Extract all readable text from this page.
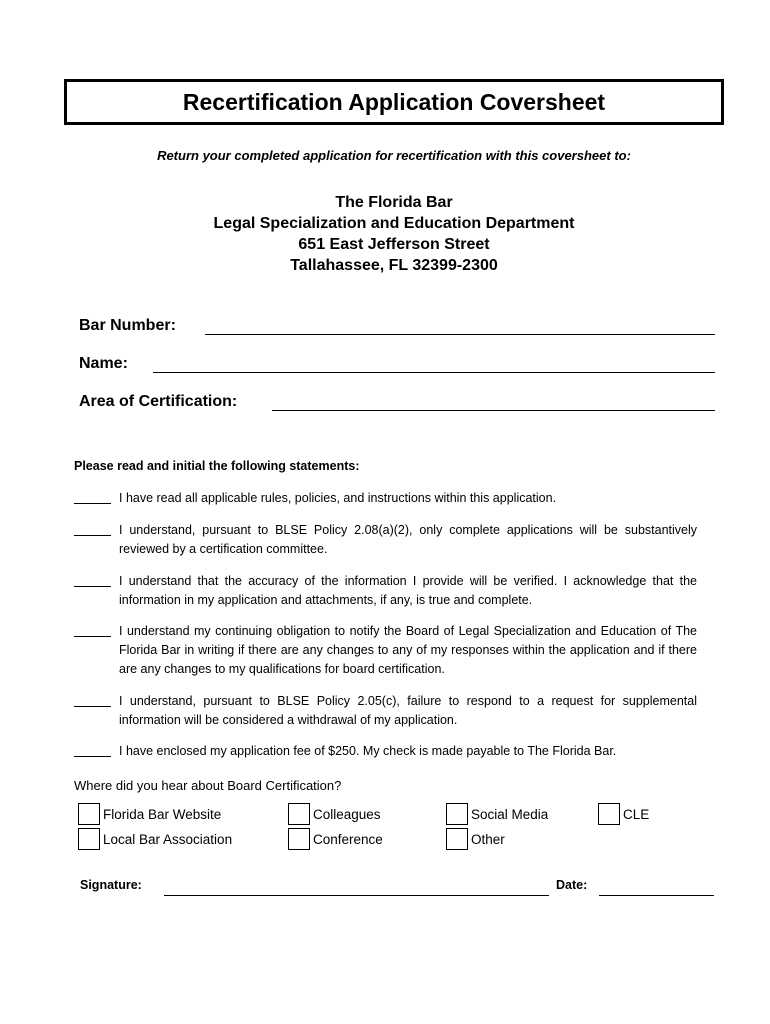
Recertification Application Coversheet
Return your completed application for recertification with this coversheet to:
The Florida Bar
Legal Specialization and Education Department
651 East Jefferson Street
Tallahassee, FL 32399-2300
Bar Number:
Name:
Area of Certification:
Please read and initial the following statements:
I have read all applicable rules, policies, and instructions within this application.
I understand, pursuant to BLSE Policy 2.08(a)(2), only complete applications will be substantively reviewed by a certification committee.
I understand that the accuracy of the information I provide will be verified. I acknowledge that the information in my application and attachments, if any, is true and complete.
I understand my continuing obligation to notify the Board of Legal Specialization and Education of The Florida Bar in writing if there are any changes to any of my responses within the application and if there are any changes to my qualifications for board certification.
I understand, pursuant to BLSE Policy 2.05(c), failure to respond to a request for supplemental information will be considered a withdrawal of my application.
I have enclosed my application fee of $250. My check is made payable to The Florida Bar.
Where did you hear about Board Certification?
Florida Bar Website	Colleagues	Social Media	CLE
Local Bar Association	Conference	Other
Signature:	Date:
